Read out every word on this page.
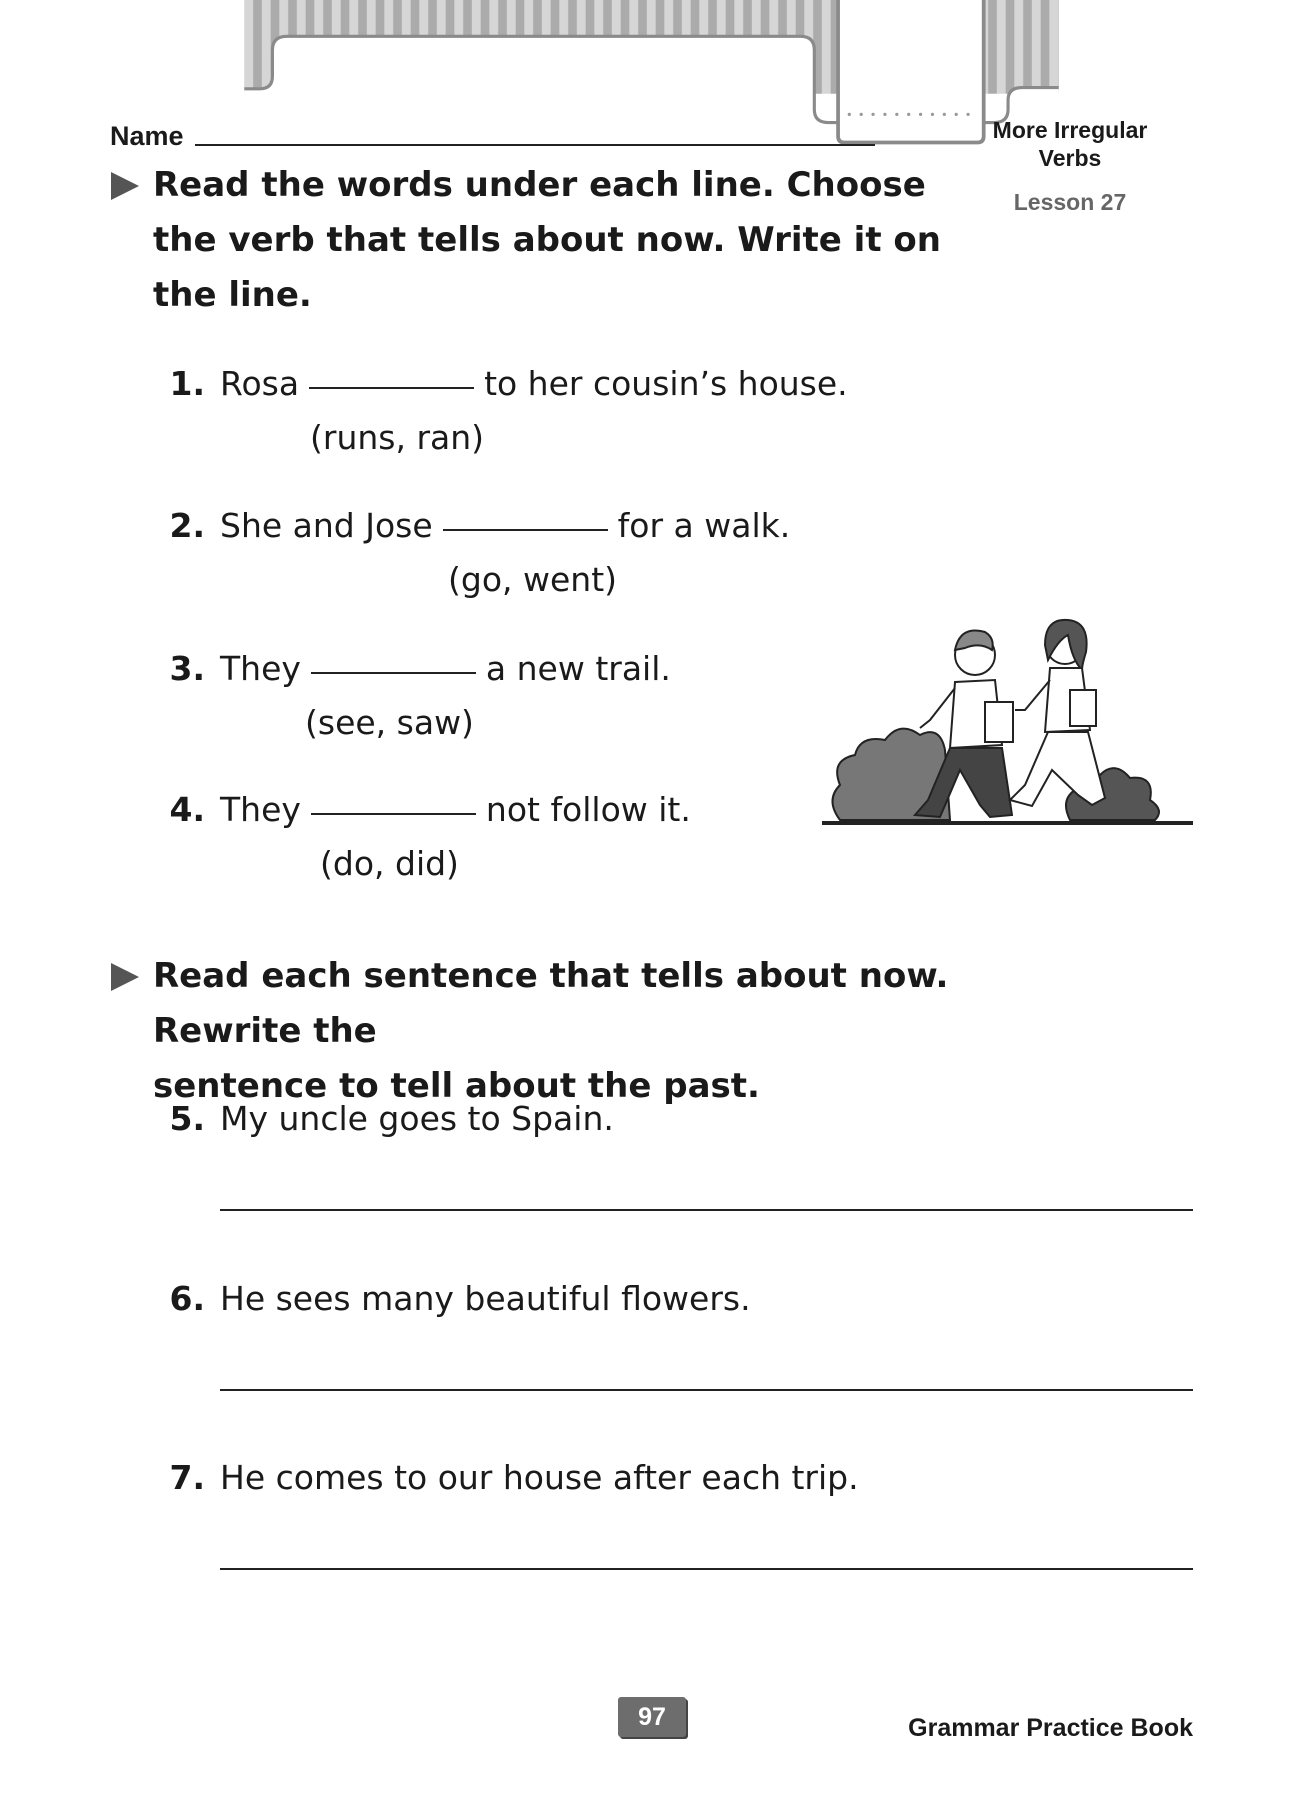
Name	More Irregular
Verbs
Lesson 27
Read the words under each line. Choose
the verb that tells about now. Write it on
the line.
1. Rosa	to her cousin’s house.
(runs, ran)
2. She and Jose	for a walk.
(go, went)
3. They	a new trail.
(see, saw)
4. They	not follow it.
(do, did)
Read each sentence that tells about now. Rewrite the
sentence to tell about the past.
5. My uncle goes to Spain.
6. He sees many beautiful flowers.
7. He comes to our house after each trip.
97	Grammar Practice Book
